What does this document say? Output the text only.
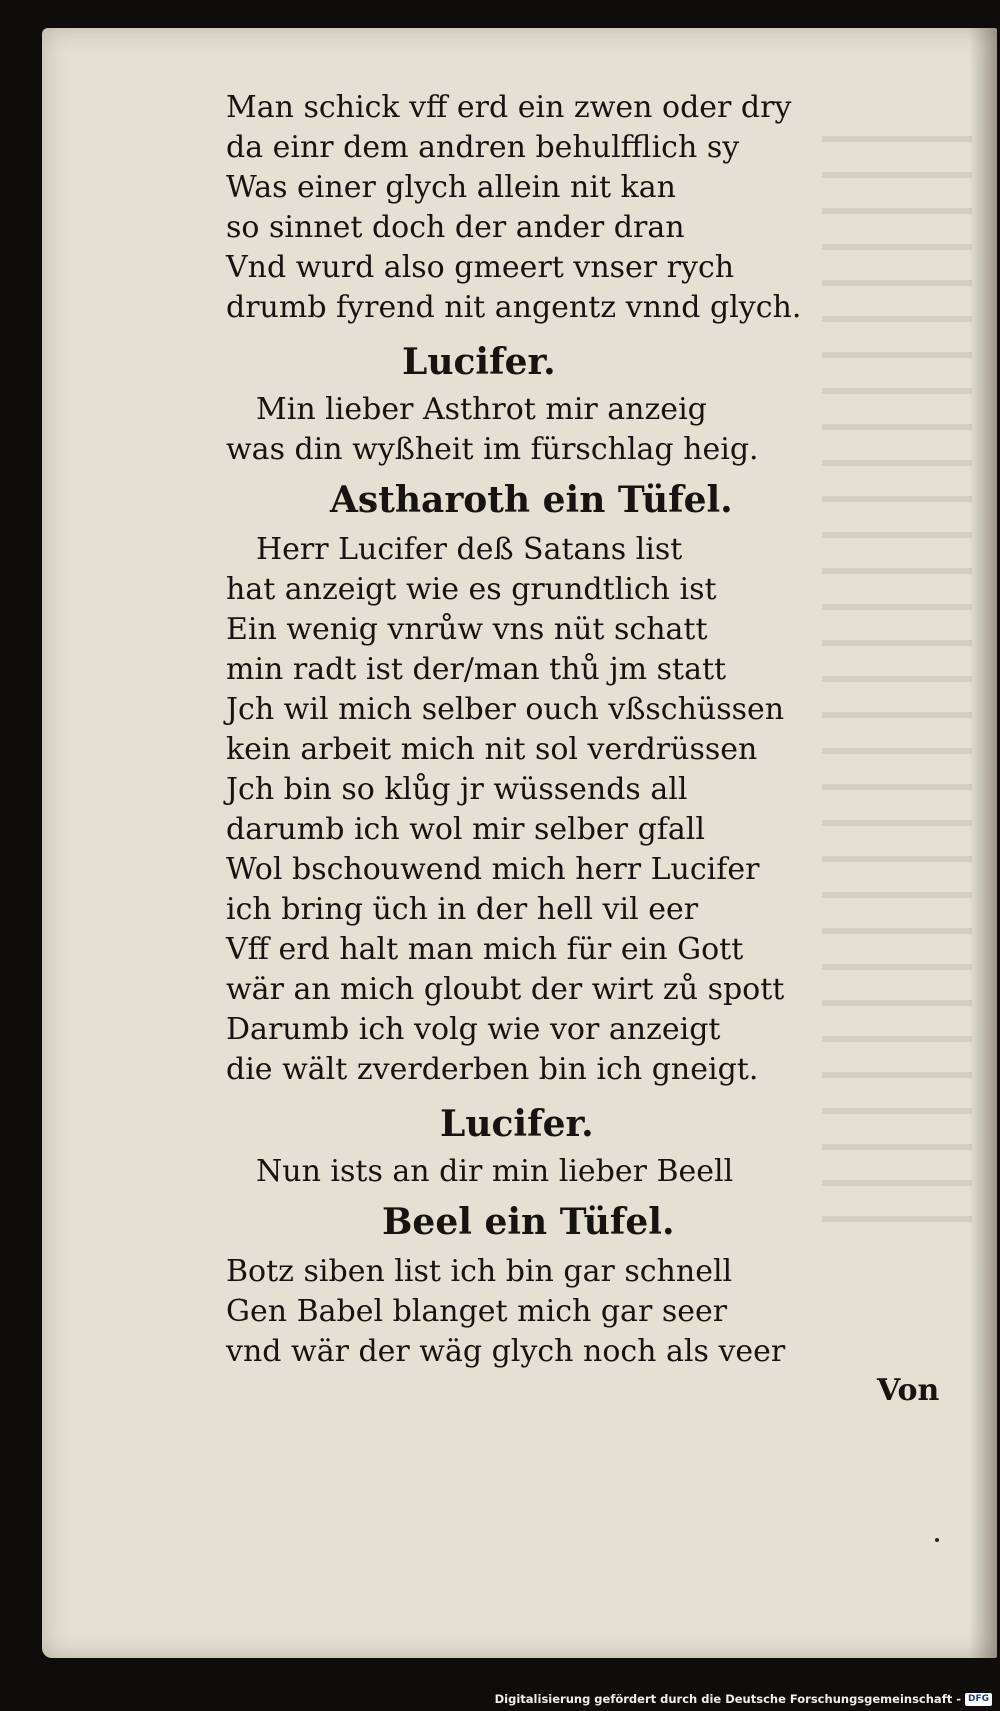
Man schick vff erd ein zwen oder dry
da einr dem andren behulfflich sy
Was einer glych allein nit kan
so sinnet doch der ander dran
Vnd wurd also gmeert vnser rych
drumb fyrend nit angentz vnnd glych.
Lucifer.
Min lieber Asthrot mir anzeig
was din wyßheit im fürschlag heig.
Astharoth ein Tüfel.
Herr Lucifer deß Satans list
hat anzeigt wie es grundtlich ist
Ein wenig vnrůw vns nüt schatt
min radt ist der/man thů jm statt
Jch wil mich selber ouch vßschüssen
kein arbeit mich nit sol verdrüssen
Jch bin so klůg jr wüssends all
darumb ich wol mir selber gfall
Wol bschouwend mich herr Lucifer
ich bring üch in der hell vil eer
Vff erd halt man mich für ein Gott
wär an mich gloubt der wirt zů spott
Darumb ich volg wie vor anzeigt
die wält zverderben bin ich gneigt.
Lucifer.
Nun ists an dir min lieber Beell
Beel ein Tüfel.
Botz siben list ich bin gar schnell
Gen Babel blanget mich gar seer
vnd wär der wäg glych noch als veer
Von
Digitalisierung gefördert durch die Deutsche Forschungsgemeinschaft - DFG
